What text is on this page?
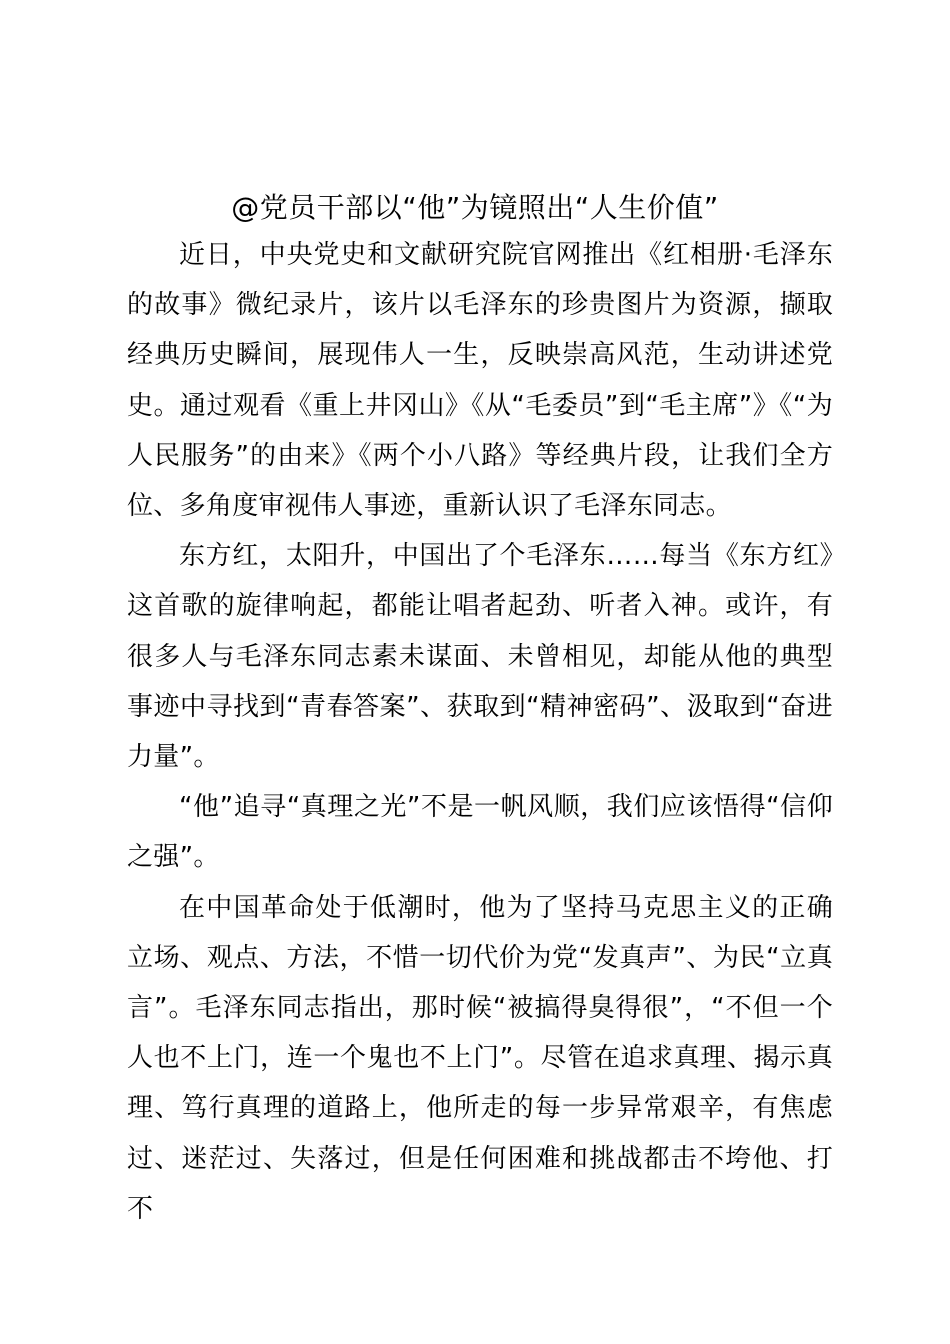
@党员干部以“他”为镜照出“人生价值”

近日，中央党史和文献研究院官网推出《红相册·毛泽东的故事》微纪录片，该片以毛泽东的珍贵图片为资源，撷取经典历史瞬间，展现伟人一生，反映崇高风范，生动讲述党史。通过观看《重上井冈山》《从“毛委员”到“毛主席”》《“为人民服务”的由来》《两个小八路》等经典片段，让我们全方位、多角度审视伟人事迹，重新认识了毛泽东同志。

东方红，太阳升，中国出了个毛泽东……每当《东方红》这首歌的旋律响起，都能让唱者起劲、听者入神。或许，有很多人与毛泽东同志素未谋面、未曾相见，却能从他的典型事迹中寻找到“青春答案”、获取到“精神密码”、汲取到“奋进力量”。

“他”追寻“真理之光”不是一帆风顺，我们应该悟得“信仰之强”。

在中国革命处于低潮时，他为了坚持马克思主义的正确立场、观点、方法，不惜一切代价为党“发真声”、为民“立真言”。毛泽东同志指出，那时候“被搞得臭得很”，“不但一个人也不上门，连一个鬼也不上门”。尽管在追求真理、揭示真理、笃行真理的道路上，他所走的每一步异常艰辛，有焦虑过、迷茫过、失落过，但是任何困难和挑战都击不垮他、打不
